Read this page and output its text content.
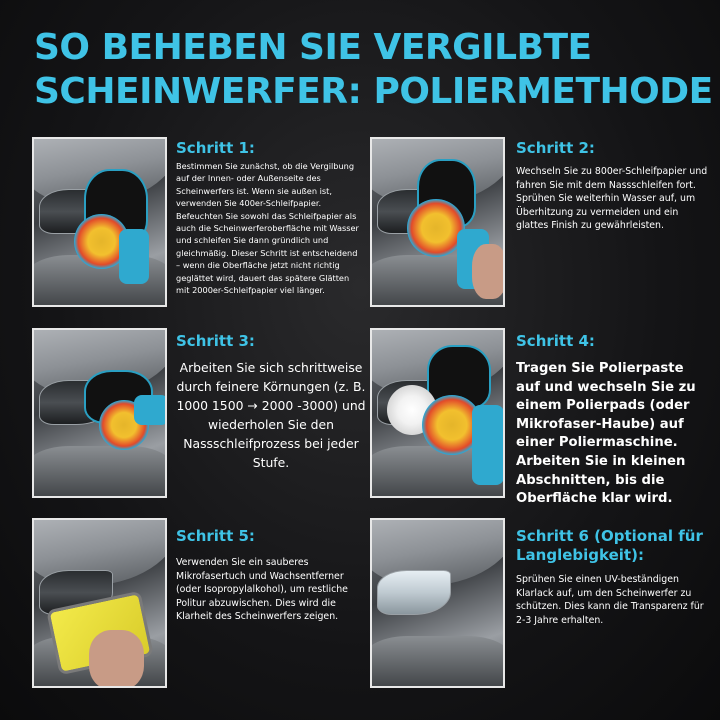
SO BEHEBEN SIE VERGILBTE SCHEINWERFER: POLIERMETHODE
Schritt 1:

Bestimmen Sie zunächst, ob die Vergilbung auf der Innen- oder Außenseite des Scheinwerfers ist. Wenn sie außen ist, verwenden Sie 400er-Schleifpapier. Befeuchten Sie sowohl das Schleifpapier als auch die Scheinwerferoberfläche mit Wasser und schleifen Sie dann gründlich und gleichmäßig. Dieser Schritt ist entscheidend – wenn die Oberfläche jetzt nicht richtig geglättet wird, dauert das spätere Glätten mit 2000er-Schleifpapier viel länger.

Schritt 2:

Wechseln Sie zu 800er-Schleifpapier und fahren Sie mit dem Nassschleifen fort. Sprühen Sie weiterhin Wasser auf, um Überhitzung zu vermeiden und ein glattes Finish zu gewährleisten.

Schritt 3:

Arbeiten Sie sich schrittweise durch feinere Körnungen (z. B. 1000 1500 → 2000 -3000) und wiederholen Sie den Nassschleifprozess bei jeder Stufe.

Schritt 4:

Tragen Sie Polierpaste auf und wechseln Sie zu einem Polierpads (oder Mikrofaser-Haube) auf einer Poliermaschine. Arbeiten Sie in kleinen Abschnitten, bis die Oberfläche klar wird.

Schritt 5:

Verwenden Sie ein sauberes Mikrofasertuch und Wachsentferner (oder Isopropylalkohol), um restliche Politur abzuwischen. Dies wird die Klarheit des Scheinwerfers zeigen.

Schritt 6 (Optional für Langlebigkeit):

Sprühen Sie einen UV-beständigen Klarlack auf, um den Scheinwerfer zu schützen. Dies kann die Transparenz für 2-3 Jahre erhalten.
